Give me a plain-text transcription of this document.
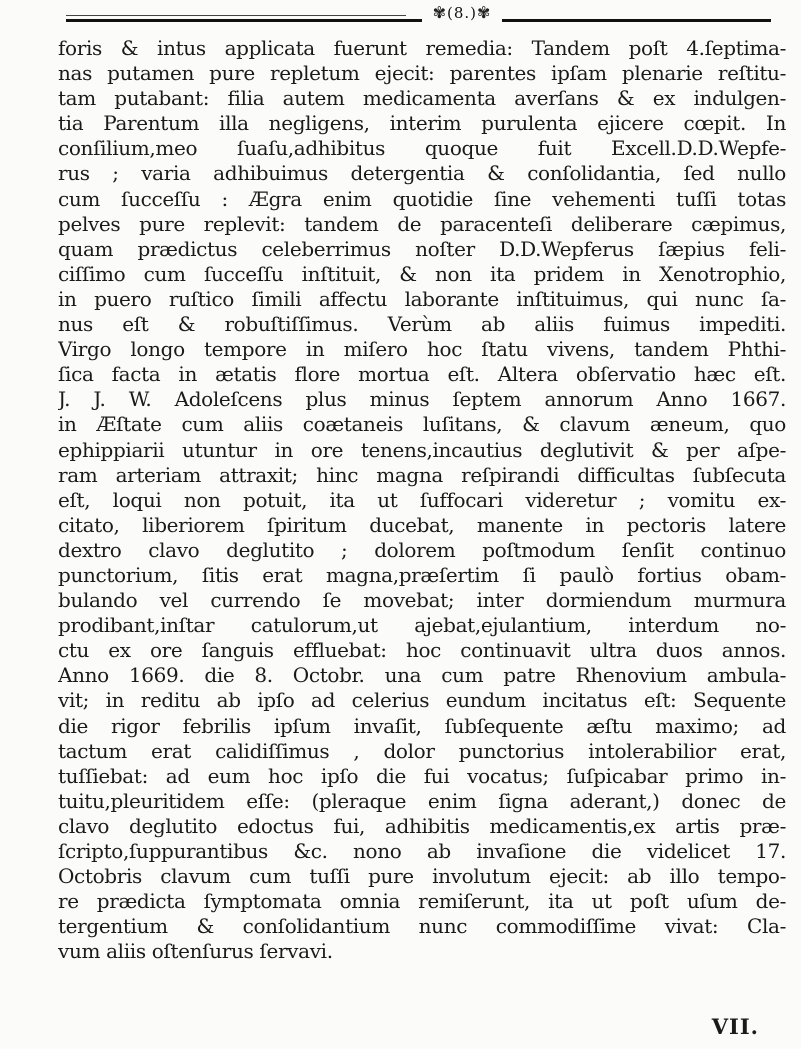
✾(8.)✾
foris & intus applicata fuerunt remedia: Tandem poſt 4.ſeptima-
nas putamen pure repletum ejecit: parentes ipſam plenarie reſtitu-
tam putabant: filia autem medicamenta averſans & ex indulgen-
tia Parentum illa negligens, interim purulenta ejicere cœpit. In
conſilium,meo ſuaſu,adhibitus quoque fuit Excell.D.D.Wepfe-
rus ; varia adhibuimus detergentia & conſolidantia, ſed nullo
cum ſucceſſu : Ægra enim quotidie ſine vehementi tuſſi totas
pelves pure replevit: tandem de paracenteſi deliberare cæpimus,
quam prædictus celeberrimus noſter D.D.Wepferus ſæpius feli-
ciſſimo cum ſucceſſu inſtituit, & non ita pridem in Xenotrophio,
in puero ruſtico ſimili affectu laborante inſtituimus, qui nunc ſa-
nus eſt & robuſtiſſimus. Verùm ab aliis fuimus impediti.
Virgo longo tempore in miſero hoc ſtatu vivens, tandem Phthi-
ſica facta in ætatis flore mortua eſt. Altera obſervatio hæc eſt.
J. J. W. Adoleſcens plus minus ſeptem annorum Anno 1667.
in Æſtate cum aliis coætaneis luſitans, & clavum æneum, quo
ephippiarii utuntur in ore tenens,incautius deglutivit & per aſpe-
ram arteriam attraxit; hinc magna reſpirandi difficultas ſubſecuta
eſt, loqui non potuit, ita ut ſuffocari videretur ; vomitu ex-
citato, liberiorem ſpiritum ducebat, manente in pectoris latere
dextro clavo deglutito ; dolorem poſtmodum ſenſit continuo
punctorium, ſitis erat magna,præſertim ſi paulò fortius obam-
bulando vel currendo ſe movebat; inter dormiendum murmura
prodibant,inſtar catulorum,ut ajebat,ejulantium, interdum no-
ctu ex ore ſanguis effluebat: hoc continuavit ultra duos annos.
Anno 1669. die 8. Octobr. una cum patre Rhenovium ambula-
vit; in reditu ab ipſo ad celerius eundum incitatus eſt: Sequente
die rigor febrilis ipſum invaſit, ſubſequente æſtu maximo; ad
tactum erat calidiſſimus , dolor punctorius intolerabilior erat,
tuſſiebat: ad eum hoc ipſo die fui vocatus; ſuſpicabar primo in-
tuitu,pleuritidem eſſe: (pleraque enim ſigna aderant,) donec de
clavo deglutito edoctus fui, adhibitis medicamentis,ex artis præ-
ſcripto,ſuppurantibus &c. nono ab invaſione die videlicet 17.
Octobris clavum cum tuſſi pure involutum ejecit: ab illo tempo-
re prædicta ſymptomata omnia remiſerunt, ita ut poſt uſum de-
tergentium & conſolidantium nunc commodiſſime vivat: Cla-
vum aliis oſtenſurus ſervavi.
VII.
